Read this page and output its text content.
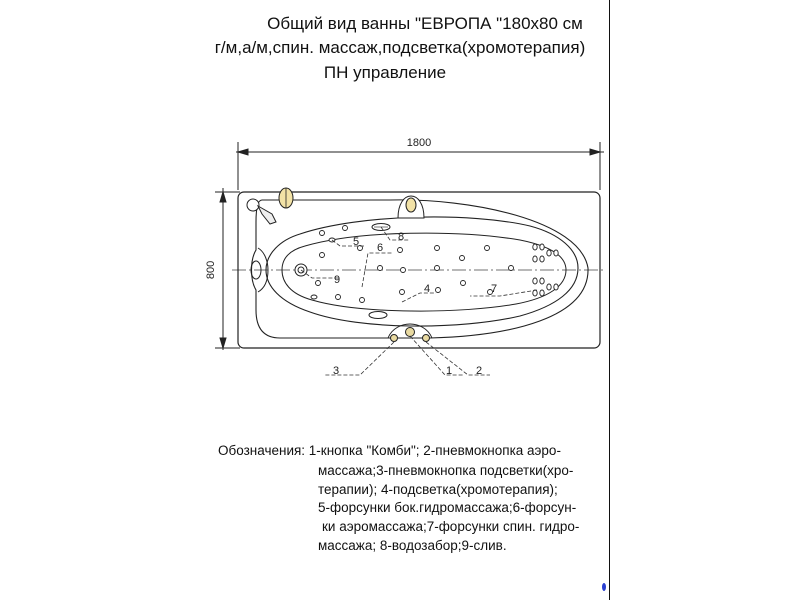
Общий вид ванны "ЕВРОПА "180x80 см
г/м,а/м,спин. массаж,подсветка(хромотерапия)
ПН управление
1800
800
5 6
8
9
4	7
3	1 2
Обозначения: 1-кнопка "Комби"; 2-пневмокнопка аэро-
массажа;3-пневмокнопка подсветки(хро-
терапии); 4-подсветка(хромотерапия);
5-форсунки бок.гидромассажа;6-форсун-
ки аэромассажа;7-форсунки спин. гидро-
массажа; 8-водозабор;9-слив.
